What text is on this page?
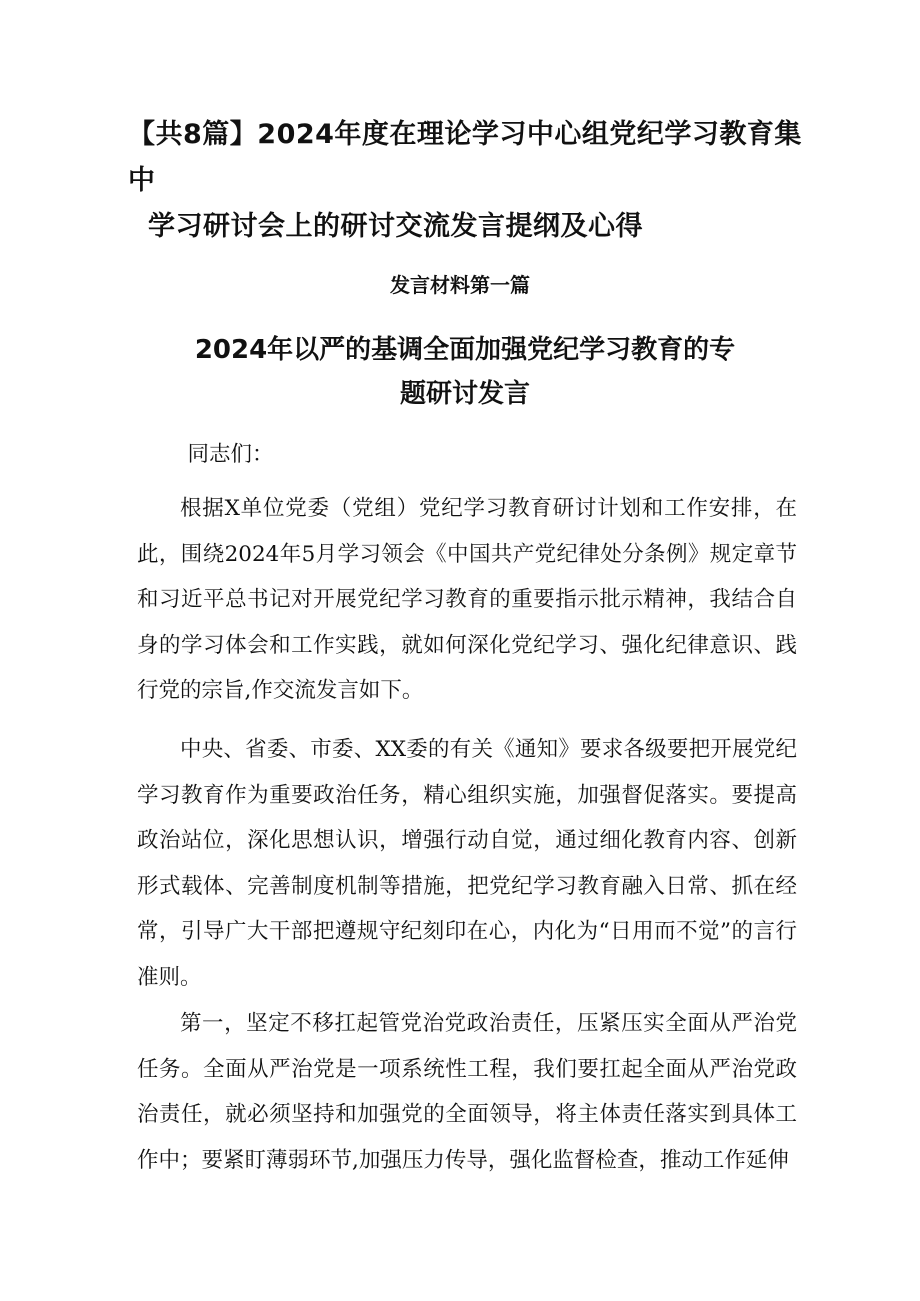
【共8篇】2024年度在理论学习中心组党纪学习教育集中
学习研讨会上的研讨交流发言提纲及心得
发言材料第一篇
2024年以严的基调全面加强党纪学习教育的专
题研讨发言

同志们：

根据X单位党委（党组）党纪学习教育研讨计划和工作安排，在此，围绕2024年5月学习领会《中国共产党纪律处分条例》规定章节和习近平总书记对开展党纪学习教育的重要指示批示精神，我结合自身的学习体会和工作实践，就如何深化党纪学习、强化纪律意识、践行党的宗旨,作交流发言如下。

中央、省委、市委、XX委的有关《通知》要求各级要把开展党纪学习教育作为重要政治任务，精心组织实施，加强督促落实。要提高政治站位，深化思想认识，增强行动自觉，通过细化教育内容、创新形式载体、完善制度机制等措施，把党纪学习教育融入日常、抓在经常，引导广大干部把遵规守纪刻印在心，内化为“日用而不觉”的言行准则。

第一，坚定不移扛起管党治党政治责任，压紧压实全面从严治党任务。全面从严治党是一项系统性工程，我们要扛起全面从严治党政治责任，就必须坚持和加强党的全面领导，将主体责任落实到具体工作中；要紧盯薄弱环节,加强压力传导，强化监督检查，推动工作延伸
